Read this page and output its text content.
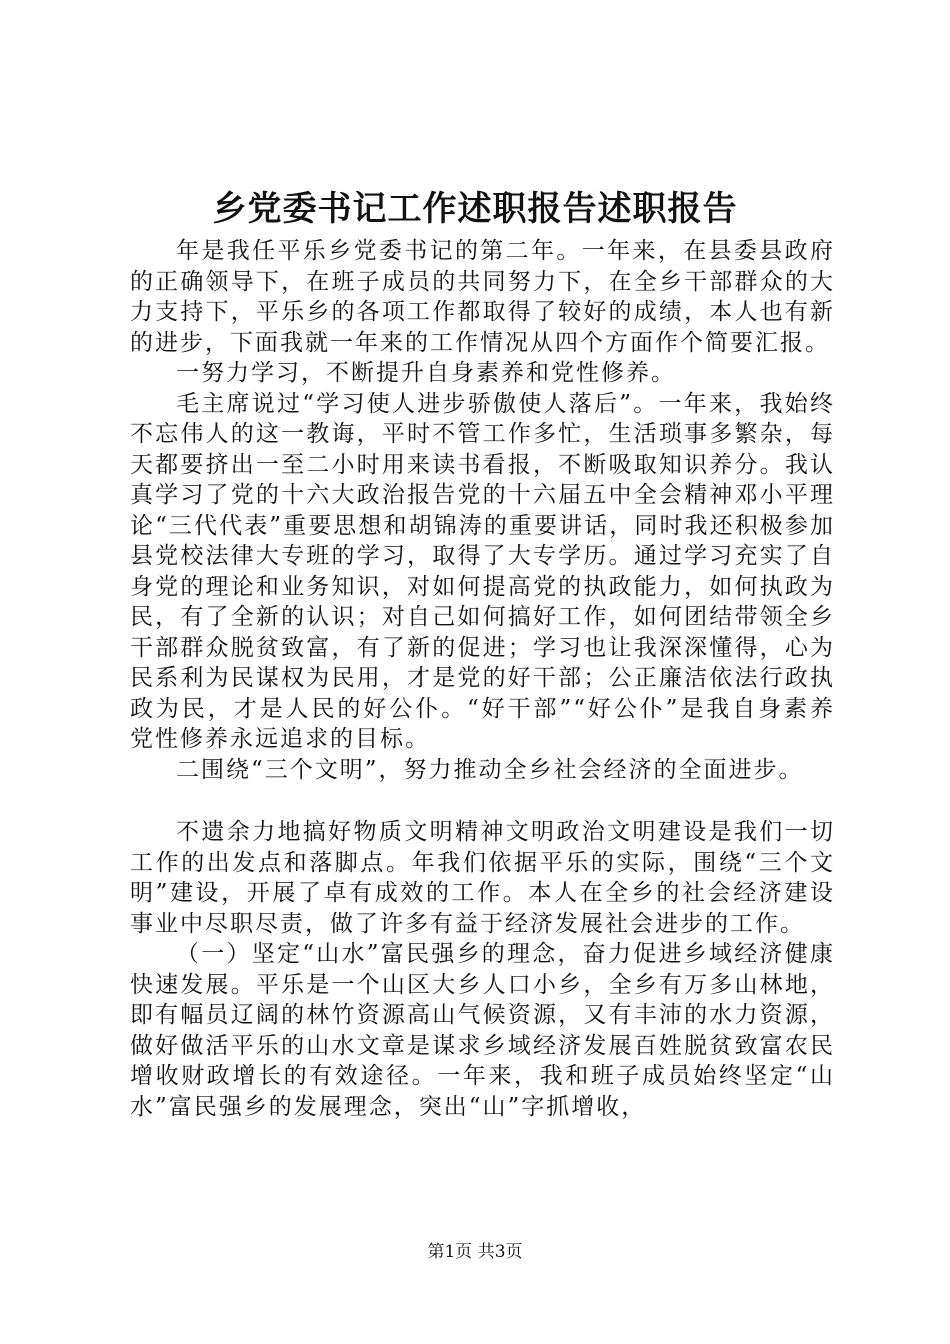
乡党委书记工作述职报告述职报告

年是我任平乐乡党委书记的第二年。一年来，在县委县政府的正确领导下，在班子成员的共同努力下，在全乡干部群众的大力支持下，平乐乡的各项工作都取得了较好的成绩，本人也有新的进步，下面我就一年来的工作情况从四个方面作个简要汇报。

一努力学习，不断提升自身素养和党性修养。

毛主席说过“学习使人进步骄傲使人落后”。一年来，我始终不忘伟人的这一教诲，平时不管工作多忙，生活琐事多繁杂，每天都要挤出一至二小时用来读书看报，不断吸取知识养分。我认真学习了党的十六大政治报告党的十六届五中全会精神邓小平理论“三代代表”重要思想和胡锦涛的重要讲话，同时我还积极参加县党校法律大专班的学习，取得了大专学历。通过学习充实了自身党的理论和业务知识，对如何提高党的执政能力，如何执政为民，有了全新的认识；对自己如何搞好工作，如何团结带领全乡干部群众脱贫致富，有了新的促进；学习也让我深深懂得，心为民系利为民谋权为民用，才是党的好干部；公正廉洁依法行政执政为民，才是人民的好公仆。“好干部”“好公仆”是我自身素养党性修养永远追求的目标。

二围绕“三个文明”，努力推动全乡社会经济的全面进步。

不遗余力地搞好物质文明精神文明政治文明建设是我们一切工作的出发点和落脚点。年我们依据平乐的实际，围绕“三个文明”建设，开展了卓有成效的工作。本人在全乡的社会经济建设事业中尽职尽责，做了许多有益于经济发展社会进步的工作。

（一）坚定“山水”富民强乡的理念，奋力促进乡域经济健康快速发展。平乐是一个山区大乡人口小乡，全乡有万多山林地，即有幅员辽阔的林竹资源高山气候资源，又有丰沛的水力资源，做好做活平乐的山水文章是谋求乡域经济发展百姓脱贫致富农民增收财政增长的有效途径。一年来，我和班子成员始终坚定“山水”富民强乡的发展理念，突出“山”字抓增收，

第1页 共3页
